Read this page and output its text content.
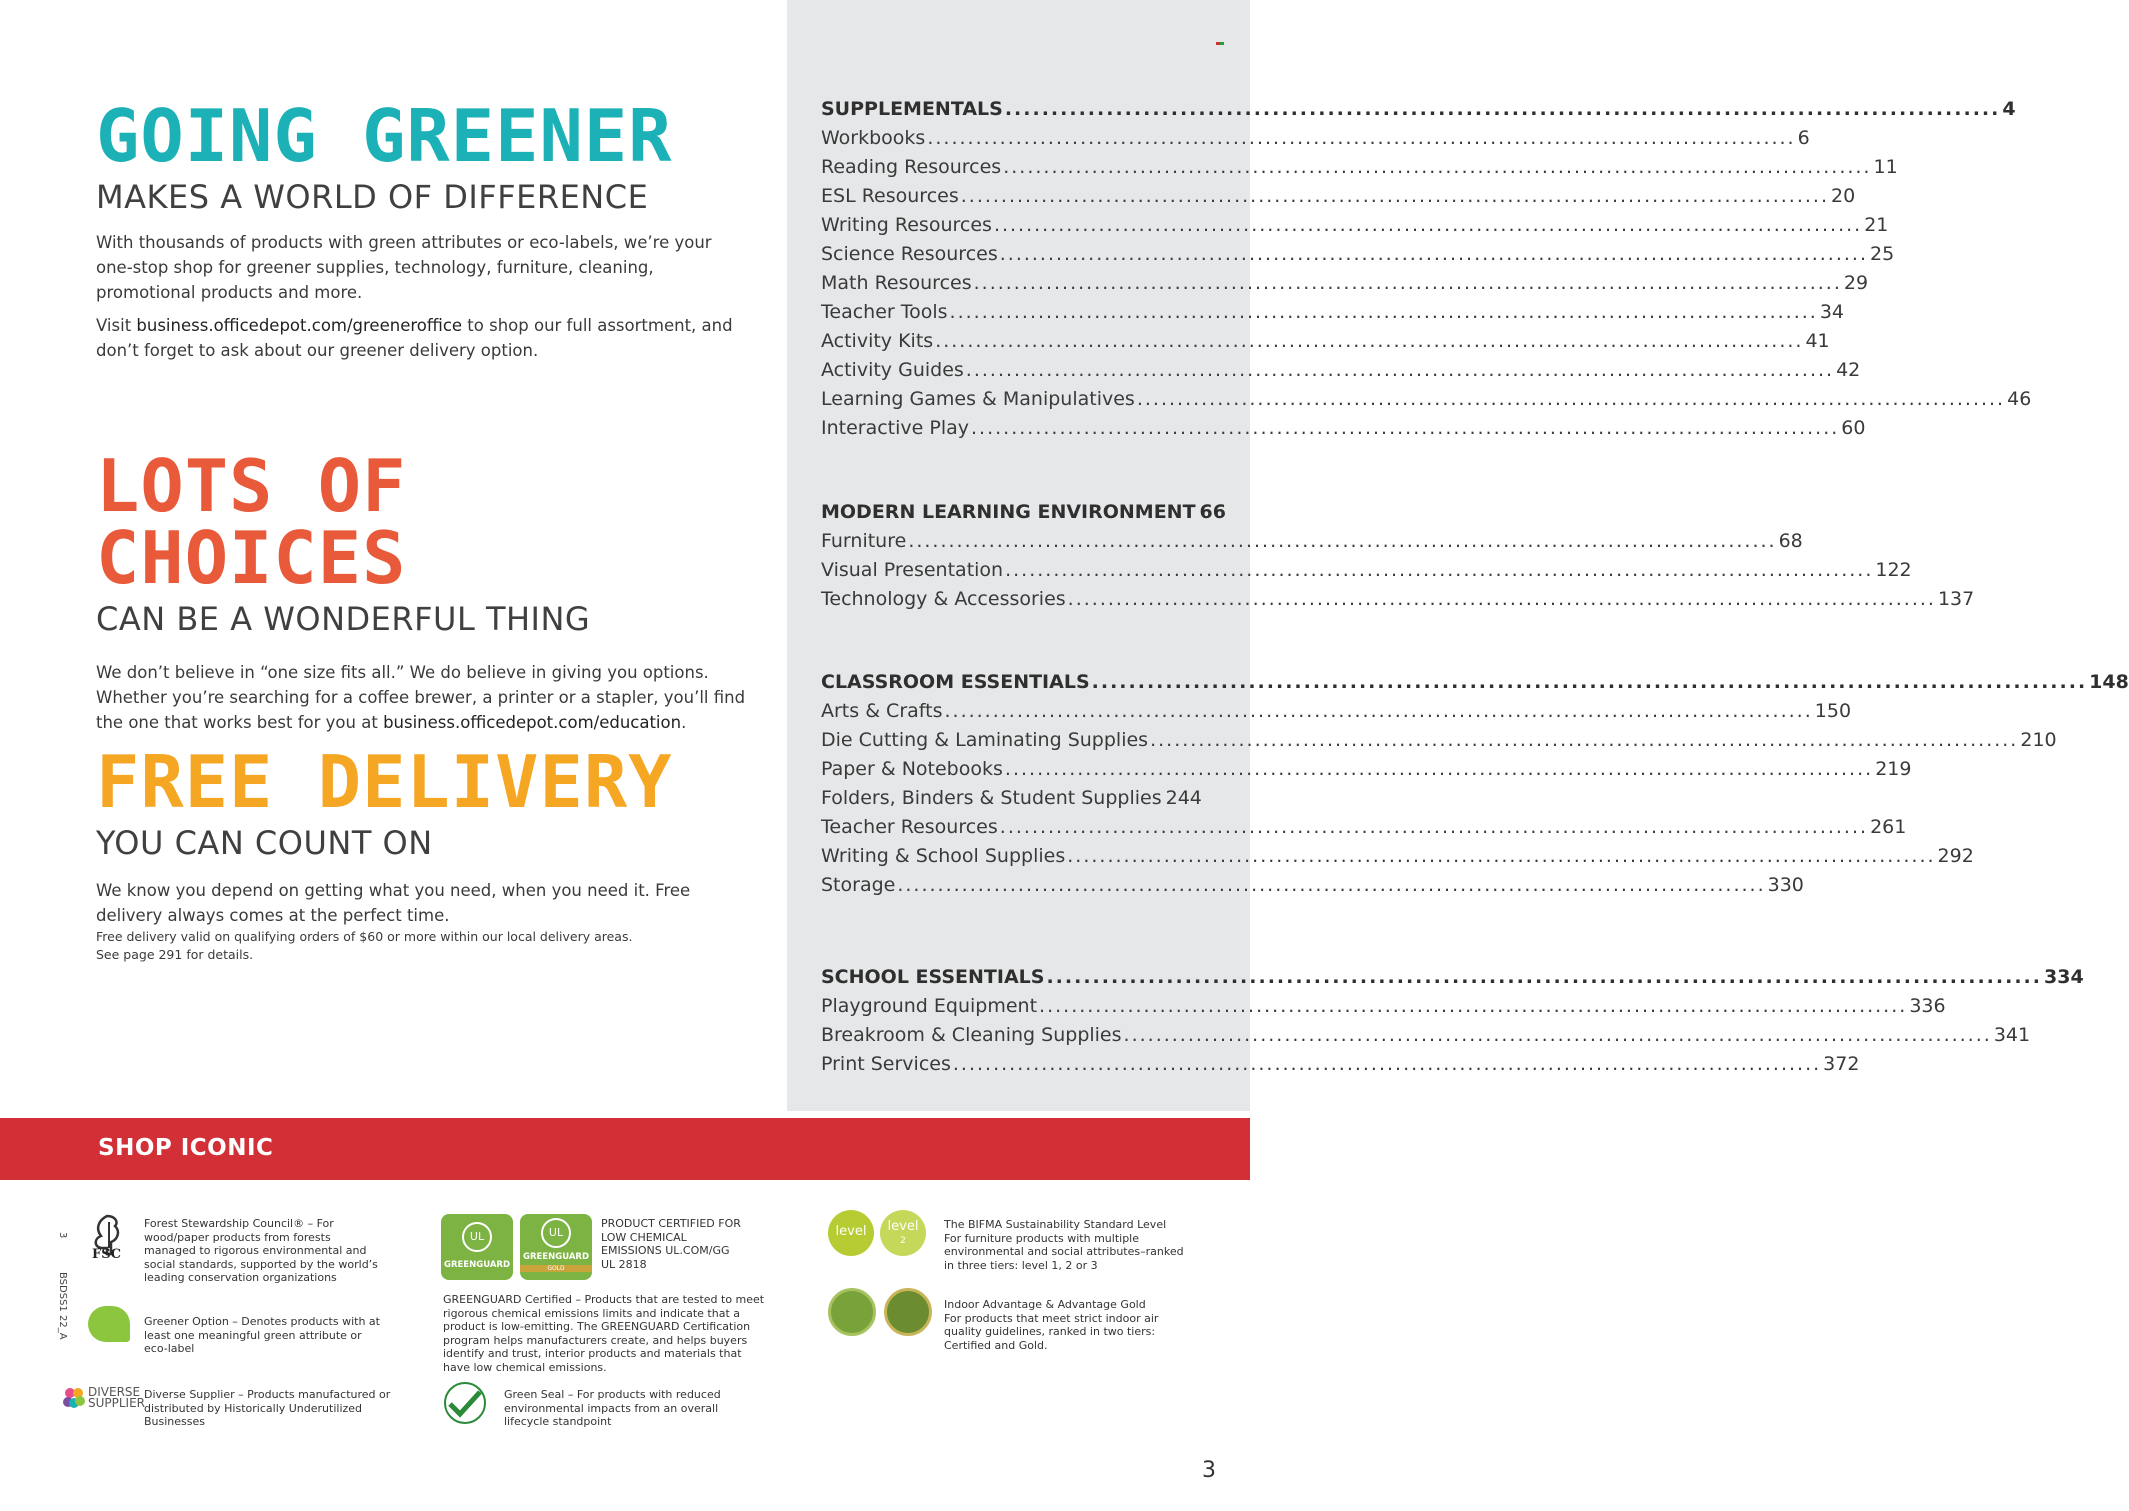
GOING GREENER
MAKES A WORLD OF DIFFERENCE
With thousands of products with green attributes or eco-labels, we’re your one-stop shop for greener supplies, technology, furniture, cleaning, promotional products and more.
Visit business.officedepot.com/greeneroffice to shop our full assortment, and don’t forget to ask about our greener delivery option.
LOTS OF CHOICES
CAN BE A WONDERFUL THING
We don’t believe in “one size fits all.” We do believe in giving you options. Whether you’re searching for a coffee brewer, a printer or a stapler, you’ll find the one that works best for you at business.officedepot.com/education.
FREE DELIVERY
YOU CAN COUNT ON
We know you depend on getting what you need, when you need it. Free delivery always comes at the perfect time.
Free delivery valid on qualifying orders of $60 or more within our local delivery areas.
See page 291 for details.
SUPPLEMENTALS .....	4
Workbooks .....	6
Reading Resources .....	11
ESL Resources .....	20
Writing Resources .....	21
Science Resources .....	25
Math Resources .....	29
Teacher Tools .....	34
Activity Kits .....	41
Activity Guides .....	42
Learning Games & Manipulatives .....	46
Interactive Play .....	60
MODERN LEARNING ENVIRONMENT 66
Furniture .....	68
Visual Presentation .....	122
Technology & Accessories .....	137
CLASSROOM ESSENTIALS .....	148
Arts & Crafts .....	150
Die Cutting & Laminating Supplies .....	210
Paper & Notebooks .....	219
Folders, Binders & Student Supplies 244
Teacher Resources .....	261
Writing & School Supplies .....	292
Storage .....	330
SCHOOL ESSENTIALS .....	334
Playground Equipment .....	336
Breakroom & Cleaning Supplies .....	341
Print Services .....	372
SHOP ICONIC
3
BSDSS1 22_A
FSC
Forest Stewardship Council® – For wood/paper products from forests managed to rigorous environmental and social standards, supported by the world’s leading conservation organizations
Greener Option – Denotes products with at least one meaningful green attribute or eco-label
DIVERSE
SUPPLIER
Diverse Supplier – Products manufactured or distributed by Historically Underutilized Businesses
UL
GREENGUARD
UL
GREENGUARD
GOLD
PRODUCT CERTIFIED FOR LOW CHEMICAL EMISSIONS UL.COM/GG UL 2818
GREENGUARD Certified – Products that are tested to meet rigorous chemical emissions limits and indicate that a product is low-emitting. The GREENGUARD Certification program helps manufacturers create, and helps buyers identify and trust, interior products and materials that have low chemical emissions.
Green Seal – For products with reduced environmental impacts from an overall lifecycle standpoint
level	level
2
The BIFMA Sustainability Standard Level
For furniture products with multiple environmental and social attributes–ranked in three tiers: level 1, 2 or 3
Indoor Advantage & Advantage Gold
For products that meet strict indoor air quality guidelines, ranked in two tiers: Certified and Gold.
3
